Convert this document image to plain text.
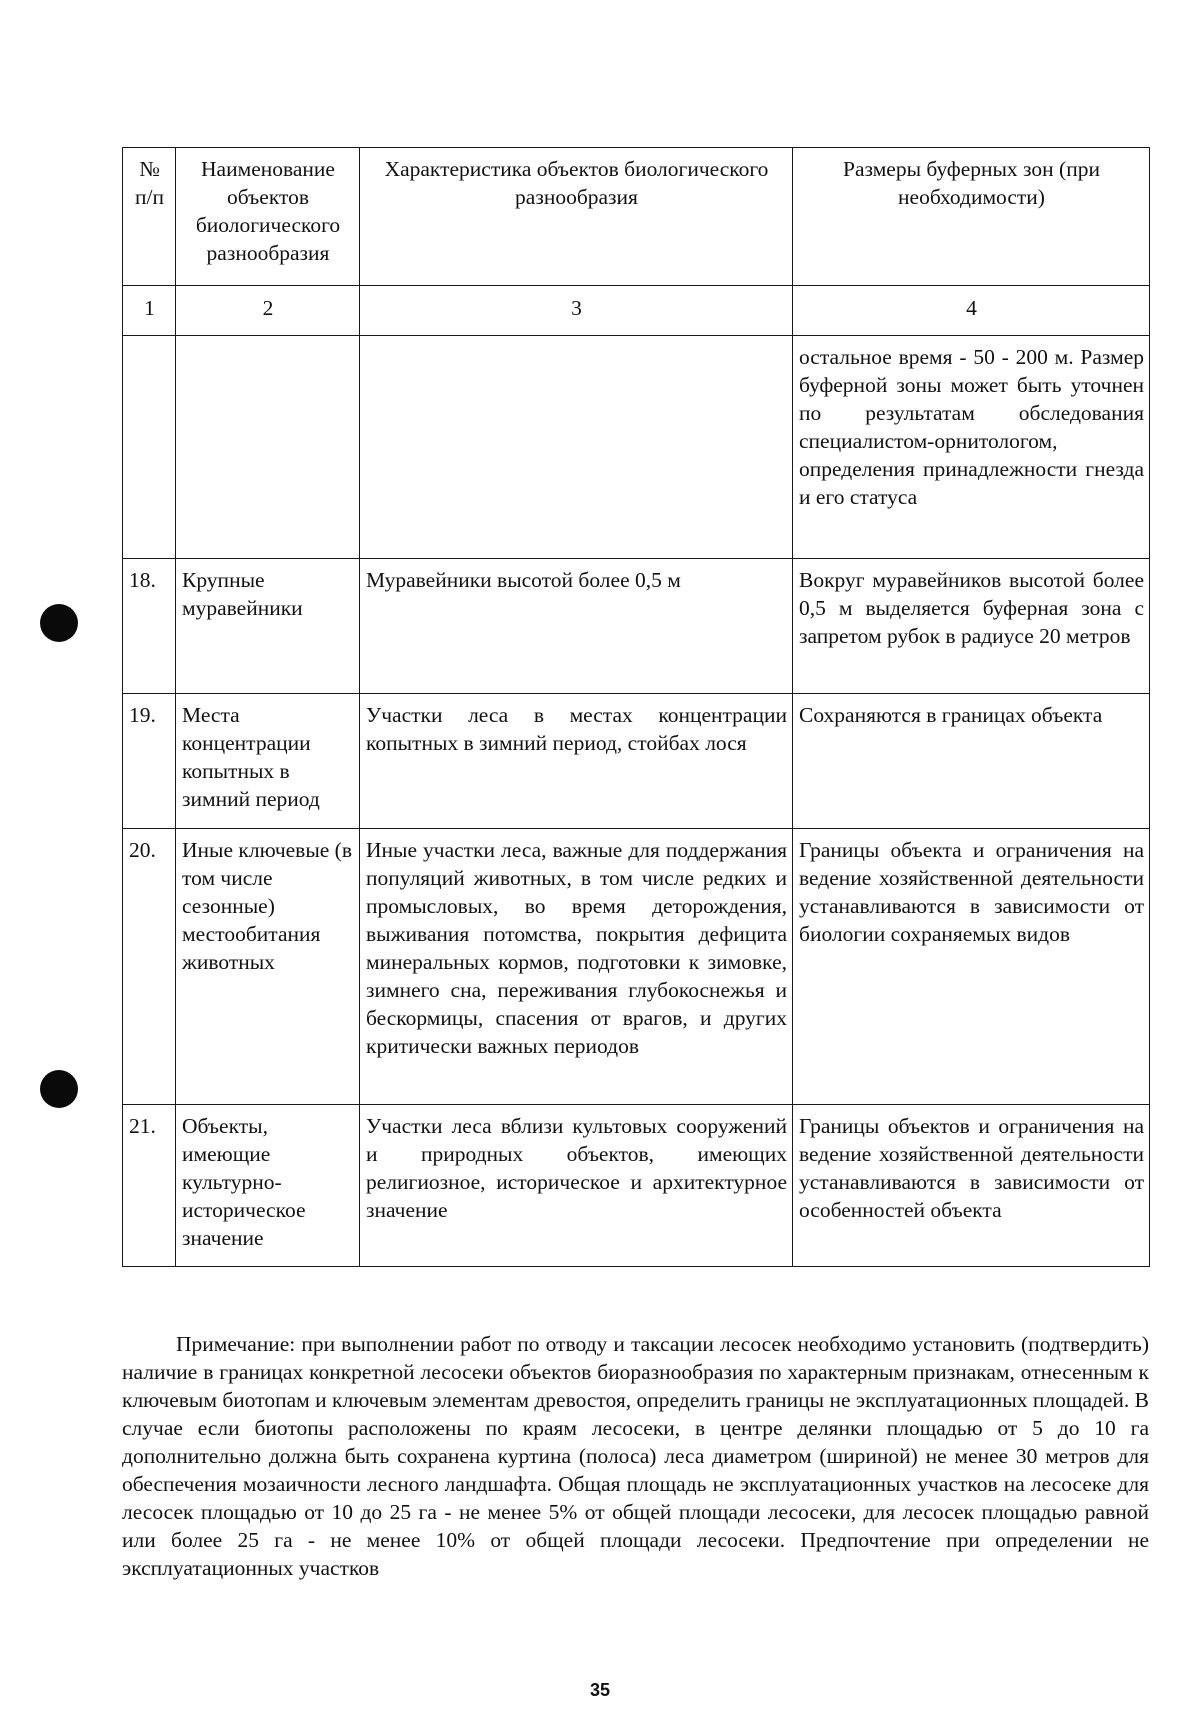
№ п/п	Наименование объектов биологического разнообразия	Характеристика объектов биологического разнообразия	Размеры буферных зон (при необходимости)
1	2	3	4
			остальное время - 50 - 200 м. Размер буферной зоны может быть уточнен по результатам обследования специалистом-орнитологом, определения принадлежности гнезда и его статуса
18.	Крупные муравейники	Муравейники высотой более 0,5 м	Вокруг муравейников высотой более 0,5 м выделяется буферная зона с запретом рубок в радиусе 20 метров
19.	Места концентрации копытных в зимний период	Участки леса в местах концентрации копытных в зимний период, стойбах лося	Сохраняются в границах объекта
20.	Иные ключевые (в том числе сезонные) местообитания животных	Иные участки леса, важные для поддержания популяций животных, в том числе редких и промысловых, во время деторождения, выживания потомства, покрытия дефицита минеральных кормов, подготовки к зимовке, зимнего сна, переживания глубокоснежья и бескормицы, спасения от врагов, и других критически важных периодов	Границы объекта и ограничения на ведение хозяйственной деятельности устанавливаются в зависимости от биологии сохраняемых видов
21.	Объекты, имеющие культурно-историческое значение	Участки леса вблизи культовых сооружений и природных объектов, имеющих религиозное, историческое и архитектурное значение	Границы объектов и ограничения на ведение хозяйственной деятельности устанавливаются в зависимости от особенностей объекта

Примечание: при выполнении работ по отводу и таксации лесосек необходимо установить (подтвердить) наличие в границах конкретной лесосеки объектов биоразнообразия по характерным признакам, отнесенным к ключевым биотопам и ключевым элементам древостоя, определить границы не эксплуатационных площадей. В случае если биотопы расположены по краям лесосеки, в центре делянки площадью от 5 до 10 га дополнительно должна быть сохранена куртина (полоса) леса диаметром (шириной) не менее 30 метров для обеспечения мозаичности лесного ландшафта. Общая площадь не эксплуатационных участков на лесосеке для лесосек площадью от 10 до 25 га - не менее 5% от общей площади лесосеки, для лесосек площадью равной или более 25 га - не менее 10% от общей площади лесосеки. Предпочтение при определении не эксплуатационных участков

35
